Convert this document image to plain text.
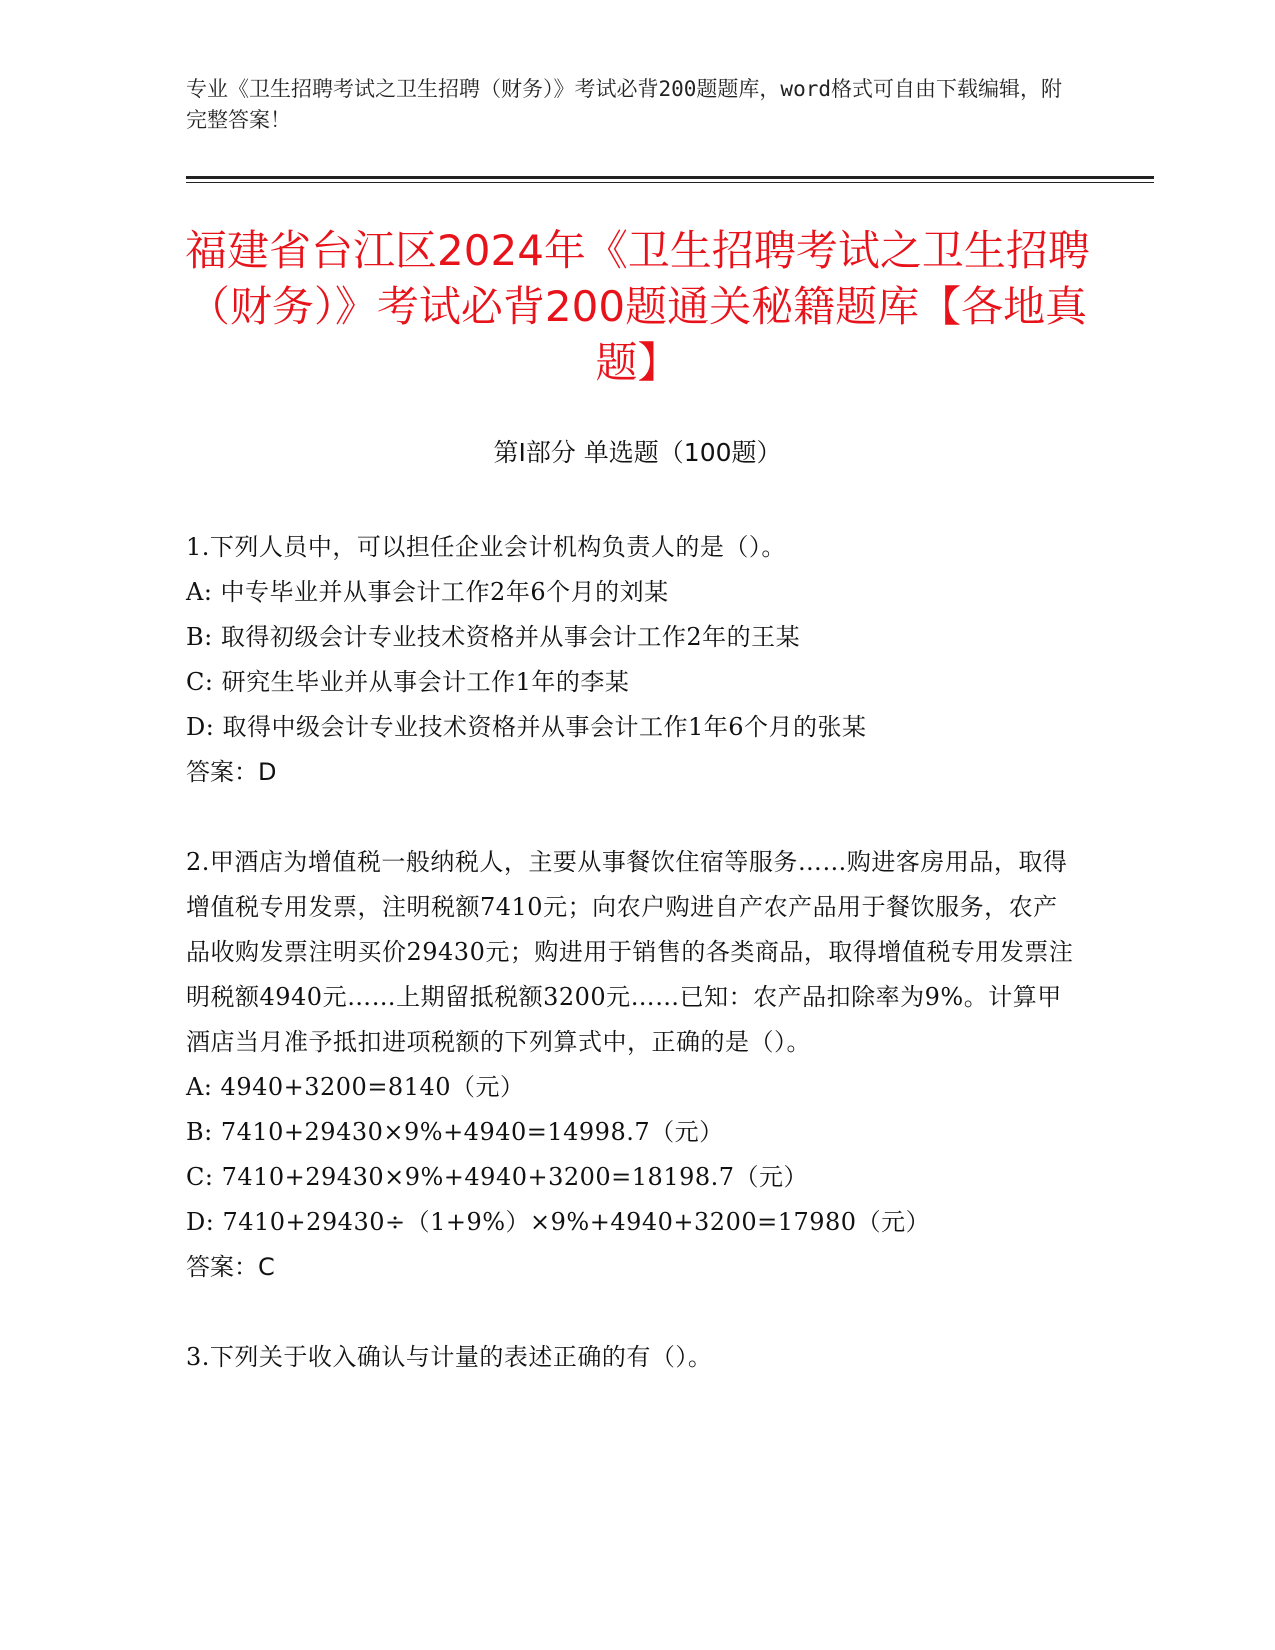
专业《卫生招聘考试之卫生招聘（财务）》考试必背200题题库，word格式可自由下载编辑，附完整答案！
福建省台江区2024年《卫生招聘考试之卫生招聘（财务）》考试必背200题通关秘籍题库【各地真题】
第Ⅰ部分 单选题（100题）
1.下列人员中，可以担任企业会计机构负责人的是（）。
A: 中专毕业并从事会计工作2年6个月的刘某
B: 取得初级会计专业技术资格并从事会计工作2年的王某
C: 研究生毕业并从事会计工作1年的李某
D: 取得中级会计专业技术资格并从事会计工作1年6个月的张某
答案：D
2.甲酒店为增值税一般纳税人，主要从事餐饮住宿等服务……购进客房用品，取得增值税专用发票，注明税额7410元；向农户购进自产农产品用于餐饮服务，农产品收购发票注明买价29430元；购进用于销售的各类商品，取得增值税专用发票注明税额4940元……上期留抵税额3200元……已知：农产品扣除率为9%。计算甲酒店当月准予抵扣进项税额的下列算式中，正确的是（）。
A: 4940+3200=8140（元）
B: 7410+29430×9%+4940=14998.7（元）
C: 7410+29430×9%+4940+3200=18198.7（元）
D: 7410+29430÷（1+9%）×9%+4940+3200=17980（元）
答案：C
3.下列关于收入确认与计量的表述正确的有（）。
